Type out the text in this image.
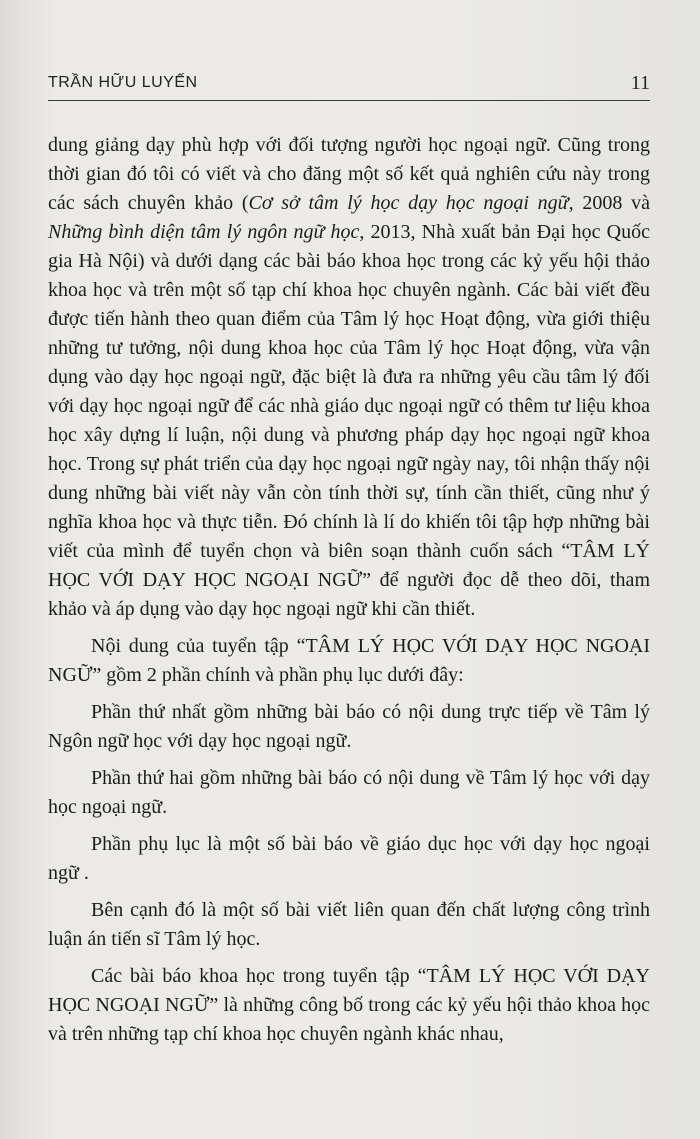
TRẦN HỮU LUYẾN	11

dung giảng dạy phù hợp với đối tượng người học ngoại ngữ. Cũng trong thời gian đó tôi có viết và cho đăng một số kết quả nghiên cứu này trong các sách chuyên khảo (Cơ sở tâm lý học dạy học ngoại ngữ, 2008 và Những bình diện tâm lý ngôn ngữ học, 2013, Nhà xuất bản Đại học Quốc gia Hà Nội) và dưới dạng các bài báo khoa học trong các kỷ yếu hội thảo khoa học và trên một số tạp chí khoa học chuyên ngành. Các bài viết đều được tiến hành theo quan điểm của Tâm lý học Hoạt động, vừa giới thiệu những tư tưởng, nội dung khoa học của Tâm lý học Hoạt động, vừa vận dụng vào dạy học ngoại ngữ, đặc biệt là đưa ra những yêu cầu tâm lý đối với dạy học ngoại ngữ để các nhà giáo dục ngoại ngữ có thêm tư liệu khoa học xây dựng lí luận, nội dung và phương pháp dạy học ngoại ngữ khoa học. Trong sự phát triển của dạy học ngoại ngữ ngày nay, tôi nhận thấy nội dung những bài viết này vẫn còn tính thời sự, tính cần thiết, cũng như ý nghĩa khoa học và thực tiễn. Đó chính là lí do khiến tôi tập hợp những bài viết của mình để tuyển chọn và biên soạn thành cuốn sách “TÂM LÝ HỌC VỚI DẠY HỌC NGOẠI NGỮ” để người đọc dễ theo dõi, tham khảo và áp dụng vào dạy học ngoại ngữ khi cần thiết.

Nội dung của tuyển tập “TÂM LÝ HỌC VỚI DẠY HỌC NGOẠI NGỮ” gồm 2 phần chính và phần phụ lục dưới đây:

Phần thứ nhất gồm những bài báo có nội dung trực tiếp về Tâm lý Ngôn ngữ học với dạy học ngoại ngữ.

Phần thứ hai gồm những bài báo có nội dung về Tâm lý học với dạy học ngoại ngữ.

Phần phụ lục là một số bài báo về giáo dục học với dạy học ngoại ngữ .

Bên cạnh đó là một số bài viết liên quan đến chất lượng công trình luận án tiến sĩ Tâm lý học.

Các bài báo khoa học trong tuyển tập “TÂM LÝ HỌC VỚI DẠY HỌC NGOẠI NGỮ” là những công bố trong các kỷ yếu hội thảo khoa học và trên những tạp chí khoa học chuyên ngành khác nhau,
